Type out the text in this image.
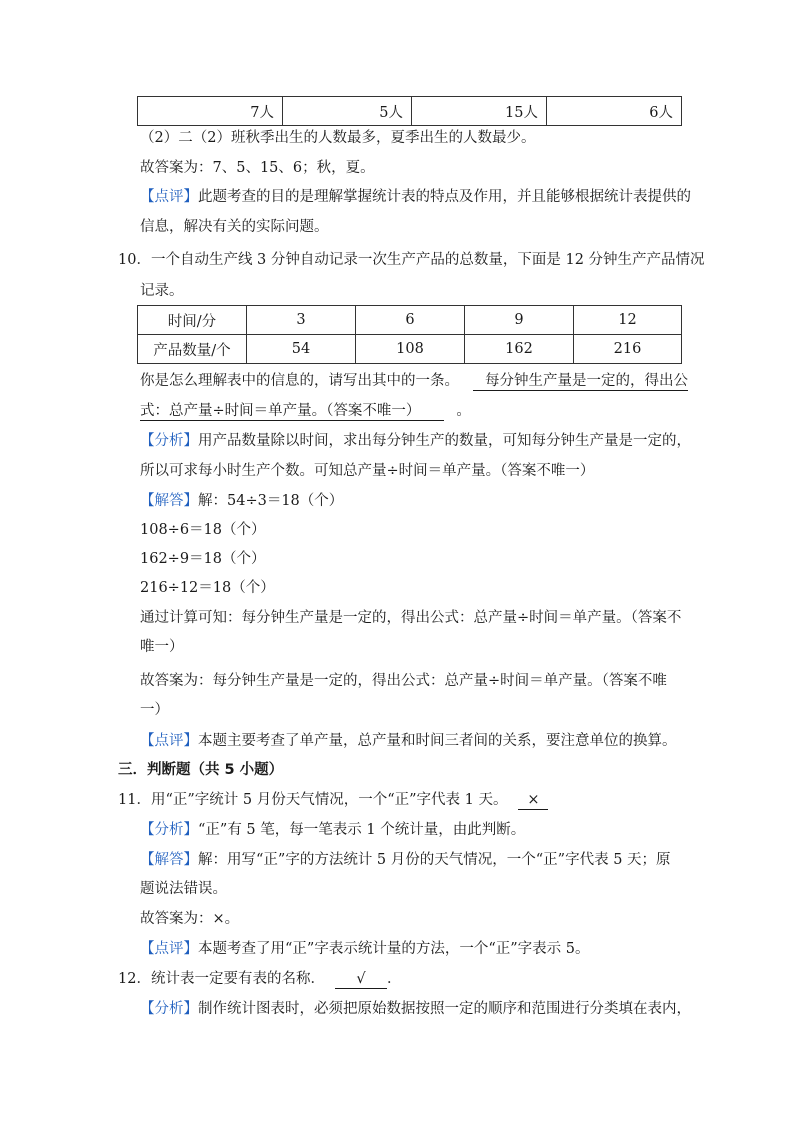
7人	5人	15人	6人
（2）二（2）班秋季出生的人数最多，夏季出生的人数最少。
故答案为：7、5、15、6；秋，夏。
【点评】此题考查的目的是理解掌握统计表的特点及作用，并且能够根据统计表提供的
信息，解决有关的实际问题。
10．一个自动生产线 3 分钟自动记录一次生产产品的总数量，下面是 12 分钟生产产品情况
记录。
时间/分	3	6	9	12
产品数量/个	54	108	162	216
你是怎么理解表中的信息的，请写出其中的一条。 每分钟生产量是一定的，得出公
式：总产量÷时间＝单产量。（答案不唯一） 。
【分析】用产品数量除以时间，求出每分钟生产的数量，可知每分钟生产量是一定的，
所以可求每小时生产个数。可知总产量÷时间＝单产量。（答案不唯一）
【解答】解：54÷3＝18（个）
108÷6＝18（个）
162÷9＝18（个）
216÷12＝18（个）
通过计算可知：每分钟生产量是一定的，得出公式：总产量÷时间＝单产量。（答案不
唯一）
故答案为：每分钟生产量是一定的，得出公式：总产量÷时间＝单产量。（答案不唯
一）
【点评】本题主要考查了单产量，总产量和时间三者间的关系，要注意单位的换算。
三．判断题（共 5 小题）
11．用“正”字统计 5 月份天气情况，一个“正”字代表 1 天。 ×
【分析】“正”有 5 笔，每一笔表示 1 个统计量，由此判断。
【解答】解：用写“正”字的方法统计 5 月份的天气情况，一个“正”字代表 5 天；原
题说法错误。
故答案为：×。
【点评】本题考查了用“正”字表示统计量的方法，一个“正”字表示 5。
12．统计表一定要有表的名称． √ ．
【分析】制作统计图表时，必须把原始数据按照一定的顺序和范围进行分类填在表内，
